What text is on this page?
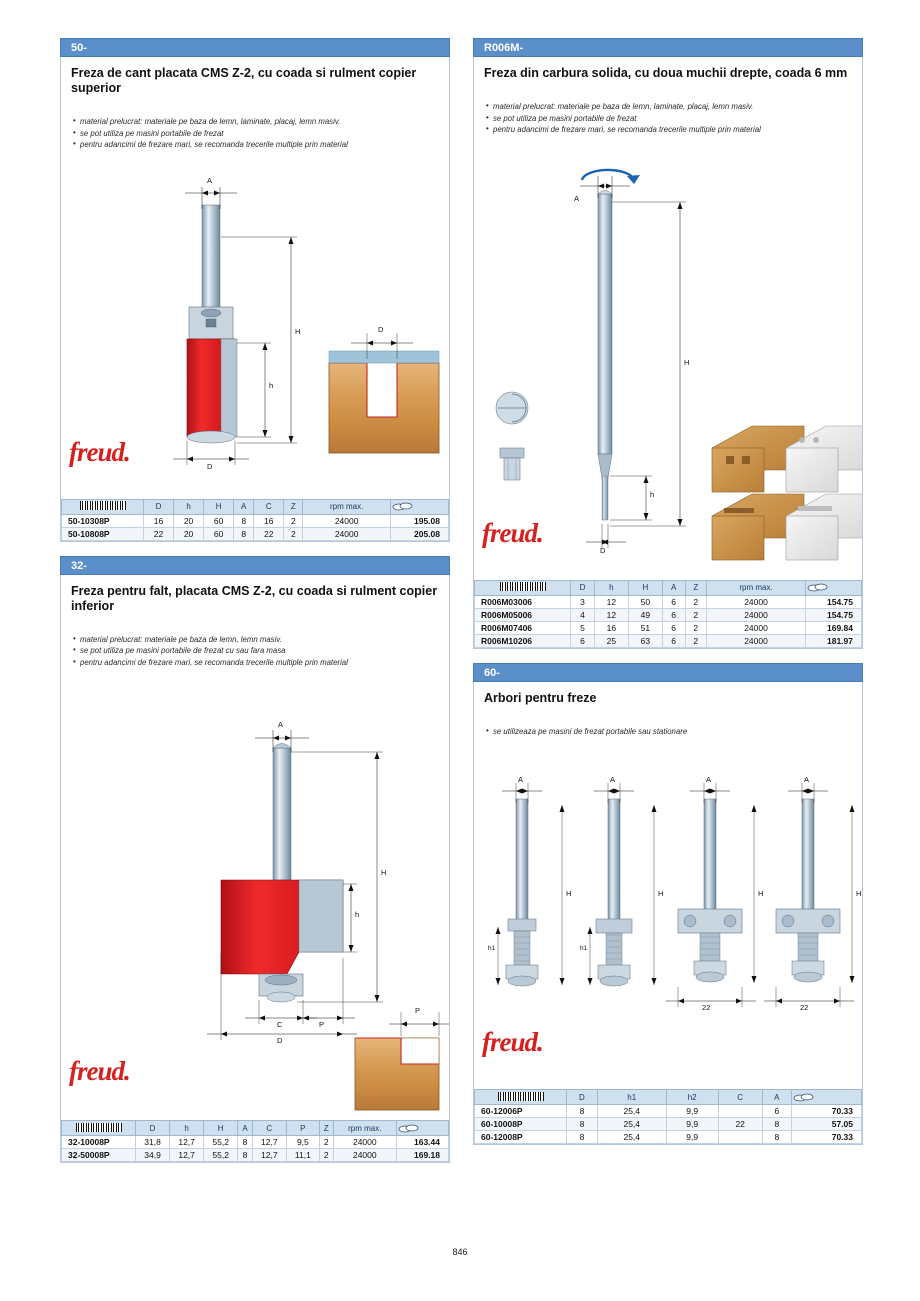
50-
Freza de cant placata CMS Z-2, cu coada si rulment copier superior
• material prelucrat: materiale pe baza de lemn, laminate, placaj, lemn masiv.
• se pot utiliza pe masini portabile de frezat
• pentru adancimi de frezare mari, se recomanda trecerile multiple prin material
A
H
h
D
D
freud.
	D	h	H	A	C	Z	rpm max.	

50-10308P	16	20	60	8	16	2	24000	195.08
50-10808P	22	20	60	8	22	2	24000	205.08
32-
Freza pentru falt, placata CMS Z-2, cu coada si rulment copier inferior
• material prelucrat: materiale pe baza de lemn, lemn masiv.
• se pot utiliza pe masini portabile de frezat cu sau fara masa
• pentru adancimi de frezare mari, se recomanda trecerile multiple prin material
A
H
h
C	P
D
P
freud.
	D	h	H	A	C	P	Z	rpm max.	

32-10008P	31,8	12,7	55,2	8	12,7	9,5	2	24000	163.44
32-50008P	34,9	12,7	55,2	8	12,7	11,1	2	24000	169.18
R006M-
Freza din carbura solida, cu doua muchii drepte, coada 6 mm
• material prelucrat: materiale pe baza de lemn, laminate, placaj, lemn masiv.
• se pot utiliza pe masini portabile de frezat
• pentru adancimi de frezare mari, se recomanda trecerile multiple prin material
A
H
h
D
freud.
	D	h	H	A	Z	rpm max.	

R006M03006	3	12	50	6	2	24000	154.75
R006M05006	4	12	49	6	2	24000	154.75
R006M07406	5	16	51	6	2	24000	169.84
R006M10206	6	25	63	6	2	24000	181.97
60-
Arbori pentru freze
• se utilizeaza pe masini de frezat portabile sau stationare
A	A	A	A
H	H	H	H
h1	h1
22	22
freud.
	D	h1	h2	C	A	

60-12006P	8	25,4	9,9		6	70.33
60-10008P	8	25,4	9,9	22	8	57.05
60-12008P	8	25,4	9,9		8	70.33
846
